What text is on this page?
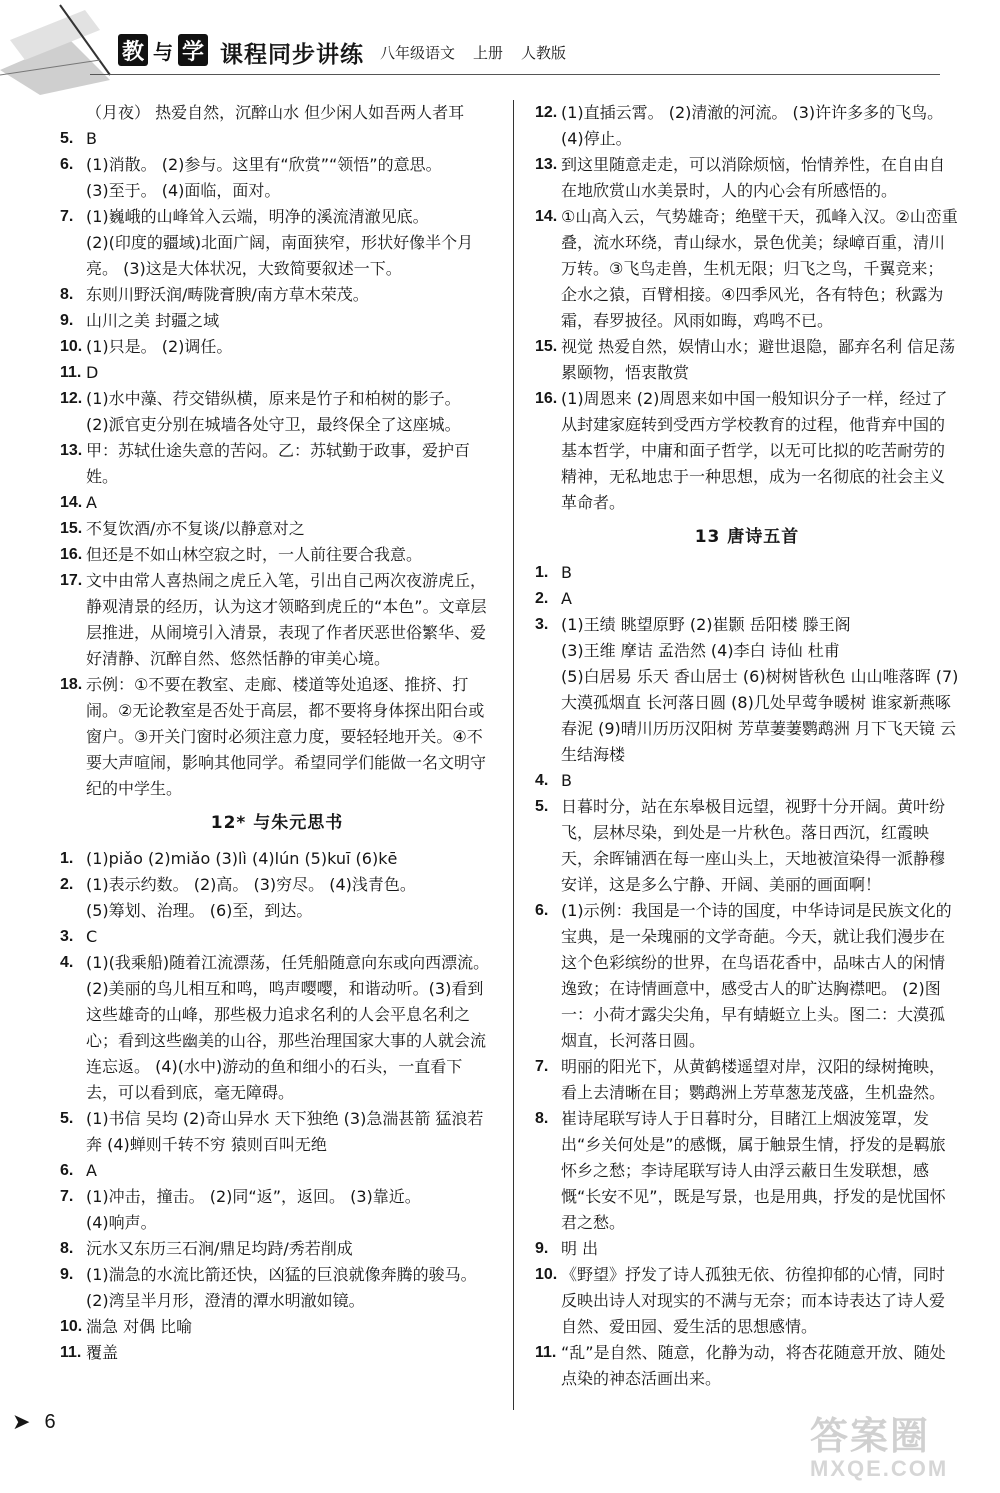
教 与 学 课程同步讲练 八年级语文 上册 人教版
（月夜） 热爱自然，沉醉山水 但少闲人如吾两人者耳
5. B
6. (1)消散。 (2)参与。这里有“欣赏”“领悟”的意思。
(3)至于。 (4)面临，面对。
7. (1)巍峨的山峰耸入云端，明净的溪流清澈见底。
(2)(印度的疆域)北面广阔，南面狭窄，形状好像半个月亮。 (3)这是大体状况，大致简要叙述一下。
8. 东则川野沃润/畴陇膏腴/南方草木荣茂。
9. 山川之美 封疆之域
10. (1)只是。 (2)调任。
11. D
12. (1)水中藻、荇交错纵横，原来是竹子和柏树的影子。
(2)派官吏分别在城墙各处守卫，最终保全了这座城。
13. 甲：苏轼仕途失意的苦闷。乙：苏轼勤于政事，爱护百姓。
14. A
15. 不复饮酒/亦不复谈/以静意对之
16. 但还是不如山林空寂之时，一人前往要合我意。
17. 文中由常人喜热闹之虎丘入笔，引出自己两次夜游虎丘，静观清景的经历，认为这才领略到虎丘的“本色”。文章层层推进，从闹境引入清景，表现了作者厌恶世俗繁华、爱好清静、沉醉自然、悠然恬静的审美心境。
18. 示例：①不要在教室、走廊、楼道等处追逐、推挤、打闹。②无论教室是否处于高层，都不要将身体探出阳台或窗户。③开关门窗时必须注意力度，要轻轻地开关。④不要大声喧闹，影响其他同学。希望同学们能做一名文明守纪的中学生。
12* 与朱元思书
1. (1)piǎo (2)miǎo (3)lì (4)lún (5)kuī (6)kē
2. (1)表示约数。 (2)高。 (3)穷尽。 (4)浅青色。
(5)筹划、治理。 (6)至，到达。
3. C
4. (1)(我乘船)随着江流漂荡，任凭船随意向东或向西漂流。 (2)美丽的鸟儿相互和鸣，鸣声嘤嘤，和谐动听。(3)看到这些雄奇的山峰，那些极力追求名利的人会平息名利之心；看到这些幽美的山谷，那些治理国家大事的人就会流连忘返。 (4)(水中)游动的鱼和细小的石头，一直看下去，可以看到底，毫无障碍。
5. (1)书信 吴均 (2)奇山异水 天下独绝 (3)急湍甚箭 猛浪若奔 (4)蝉则千转不穷 猿则百叫无绝
6. A
7. (1)冲击，撞击。 (2)同“返”，返回。 (3)靠近。
(4)响声。
8. 沅水又东历三石涧/鼎足均跱/秀若削成
9. (1)湍急的水流比箭还快，凶猛的巨浪就像奔腾的骏马。
(2)湾呈半月形，澄清的潭水明澈如镜。
10. 湍急 对偶 比喻
11. 覆盖
12. (1)直插云霄。 (2)清澈的河流。 (3)许许多多的飞鸟。 (4)停止。
13. 到这里随意走走，可以消除烦恼，怡情养性，在自由自在地欣赏山水美景时，人的内心会有所感悟的。
14. ①山高入云，气势雄奇；绝壁干天，孤峰入汉。②山峦重叠，流水环绕，青山绿水，景色优美；绿嶂百重，清川万转。③飞鸟走兽，生机无限；归飞之鸟，千翼竞来；企水之猿，百臂相接。④四季风光，各有特色；秋露为霜，春罗披径。风雨如晦，鸡鸣不已。
15. 视觉 热爱自然，娱情山水；避世退隐，鄙弃名利 信足荡累颐物，悟衷散赏
16. (1)周恩来 (2)周恩来如中国一般知识分子一样，经过了从封建家庭转到受西方学校教育的过程，他背弃中国的基本哲学，中庸和面子哲学，以无可比拟的吃苦耐劳的精神，无私地忠于一种思想，成为一名彻底的社会主义革命者。
13 唐诗五首
1. B
2. A
3. (1)王绩 眺望原野 (2)崔颢 岳阳楼 滕王阁
(3)王维 摩诘 孟浩然 (4)李白 诗仙 杜甫
(5)白居易 乐天 香山居士 (6)树树皆秋色 山山唯落晖 (7)大漠孤烟直 长河落日圆 (8)几处早莺争暖树 谁家新燕啄春泥 (9)晴川历历汉阳树 芳草萋萋鹦鹉洲 月下飞天镜 云生结海楼
4. B
5. 日暮时分，站在东皋极目远望，视野十分开阔。黄叶纷飞，层林尽染，到处是一片秋色。落日西沉，红霞映天，余晖铺洒在每一座山头上，天地被渲染得一派静穆安详，这是多么宁静、开阔、美丽的画面啊！
6. (1)示例：我国是一个诗的国度，中华诗词是民族文化的宝典，是一朵瑰丽的文学奇葩。今天，就让我们漫步在这个色彩缤纷的世界，在鸟语花香中，品味古人的闲情逸致；在诗情画意中，感受古人的旷达胸襟吧。 (2)图一：小荷才露尖尖角，早有蜻蜓立上头。图二：大漠孤烟直，长河落日圆。
7. 明丽的阳光下，从黄鹤楼遥望对岸，汉阳的绿树掩映，看上去清晰在目；鹦鹉洲上芳草葱茏茂盛，生机盎然。
8. 崔诗尾联写诗人于日暮时分，目睹江上烟波笼罩，发出“乡关何处是”的感慨，属于触景生情，抒发的是羁旅怀乡之愁；李诗尾联写诗人由浮云蔽日生发联想，感慨“长安不见”，既是写景，也是用典，抒发的是忧国怀君之愁。
9. 明 出
10. 《野望》抒发了诗人孤独无依、彷徨抑郁的心情，同时反映出诗人对现实的不满与无奈；而本诗表达了诗人爱自然、爱田园、爱生活的思想感情。
11. “乱”是自然、随意，化静为动，将杏花随意开放、随处点染的神态活画出来。
➤ 6	答案圈
MXQE.COM
